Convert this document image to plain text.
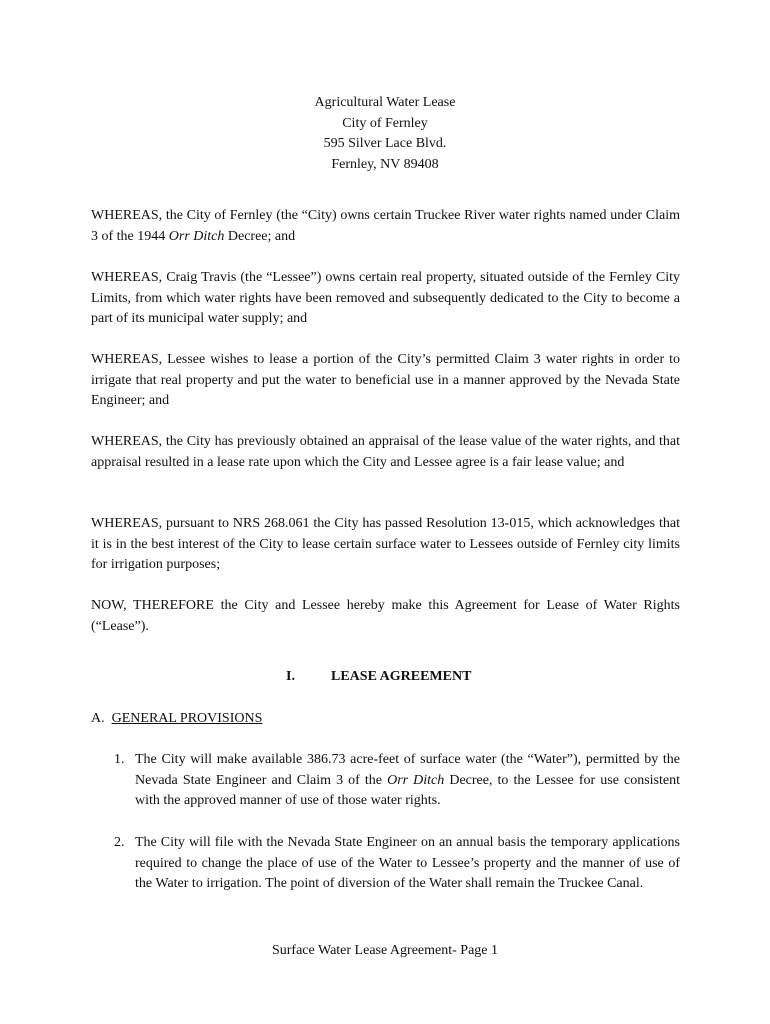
Agricultural Water Lease
City of Fernley
595 Silver Lace Blvd.
Fernley, NV 89408

WHEREAS, the City of Fernley (the “City) owns certain Truckee River water rights named under Claim 3 of the 1944 Orr Ditch Decree; and

WHEREAS, Craig Travis (the “Lessee”) owns certain real property, situated outside of the Fernley City Limits, from which water rights have been removed and subsequently dedicated to the City to become a part of its municipal water supply; and

WHEREAS, Lessee wishes to lease a portion of the City’s permitted Claim 3 water rights in order to irrigate that real property and put the water to beneficial use in a manner approved by the Nevada State Engineer; and

WHEREAS, the City has previously obtained an appraisal of the lease value of the water rights, and that appraisal resulted in a lease rate upon which the City and Lessee agree is a fair lease value; and

WHEREAS, pursuant to NRS 268.061 the City has passed Resolution 13-015, which acknowledges that it is in the best interest of the City to lease certain surface water to Lessees outside of Fernley city limits for irrigation purposes;

NOW, THEREFORE the City and Lessee hereby make this Agreement for Lease of Water Rights (“Lease”).

I.	LEASE AGREEMENT
A. GENERAL PROVISIONS
1. The City will make available 386.73 acre-feet of surface water (the “Water”), permitted by the Nevada State Engineer and Claim 3 of the Orr Ditch Decree, to the Lessee for use consistent with the approved manner of use of those water rights.
2. The City will file with the Nevada State Engineer on an annual basis the temporary applications required to change the place of use of the Water to Lessee’s property and the manner of use of the Water to irrigation. The point of diversion of the Water shall remain the Truckee Canal.
Surface Water Lease Agreement- Page 1
